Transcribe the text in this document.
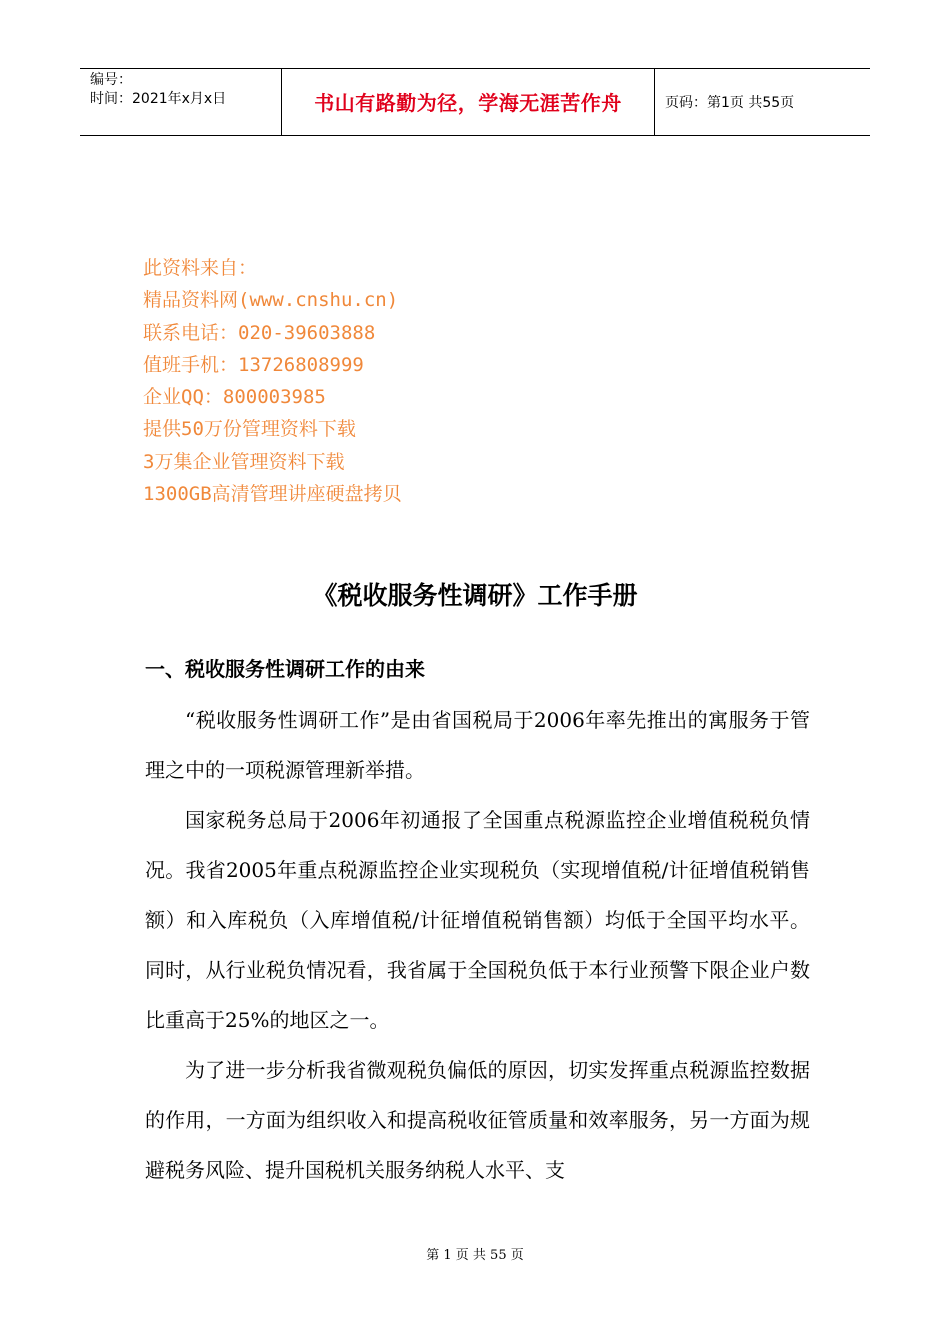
编号：
时间：2021年x月x日	书山有路勤为径，学海无涯苦作舟	页码：第1页 共55页
此资料来自：
精品资料网(www.cnshu.cn)
联系电话：020-39603888
值班手机：13726808999
企业QQ：800003985
提供50万份管理资料下载
3万集企业管理资料下载
1300GB高清管理讲座硬盘拷贝
《税收服务性调研》工作手册
一、税收服务性调研工作的由来

“税收服务性调研工作”是由省国税局于2006年率先推出的寓服务于管理之中的一项税源管理新举措。

国家税务总局于2006年初通报了全国重点税源监控企业增值税税负情况。我省2005年重点税源监控企业实现税负（实现增值税/计征增值税销售额）和入库税负（入库增值税/计征增值税销售额）均低于全国平均水平。同时，从行业税负情况看，我省属于全国税负低于本行业预警下限企业户数比重高于25%的地区之一。

为了进一步分析我省微观税负偏低的原因，切实发挥重点税源监控数据的作用，一方面为组织收入和提高税收征管质量和效率服务，另一方面为规避税务风险、提升国税机关服务纳税人水平、支

第 1 页 共 55 页
